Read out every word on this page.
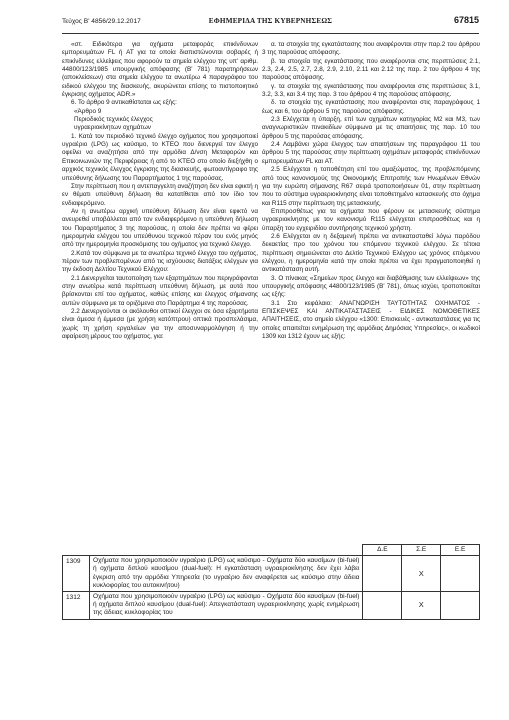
Τεύχος Β' 4856/29.12.2017	ΕΦΗΜΕΡΙΔΑ ΤΗΣ ΚΥΒΕΡΝΗΣΕΩΣ	67815

«στ. Ειδικότερα για οχήματα μεταφοράς επικίνδυνων εμπορευμάτων FL ή AT για τα οποία διαπιστώνονται σοβαρές ή επικίνδυνες ελλείψεις που αφορούν τα σημεία ελέγχου της υπ' αριθμ. 44800/123/1985 υπουργικής απόφασης (Β' 781) παρατηρήσεων (αποκλείσεων) στα σημεία ελέγχου τα ανωτέρω 4 παραγράφου του ειδικού ελέγχου της διασκευής, ακυρώνεται επίσης το πιστοποιητικό έγκρισης οχήματος ADR.»

6. Το άρθρο 9 αντικαθίσταται ως εξής:

«Άρθρο 9

Περιοδικός τεχνικός έλεγχος

υγραεριοκίνητων οχημάτων

1. Κατά τον περιοδικό τεχνικό έλεγχο οχήματος που χρησιμοποιεί υγραέριο (LPG) ως καύσιμο, το ΚΤΕΟ που διενεργεί τον έλεγχο οφείλει να αναζητήσει από την αρμόδια Δ/νση Μεταφορών και Επικοινωνιών της Περιφέρειας ή από το ΚΤΕΟ στο οποίο διεξήχθη ο αρχικός τεχνικός έλεγχος έγκρισης της διασκευής, φωτοαντίγραφο της υπεύθυνης δήλωσης του Παραρτήματος 1 της παρούσας.

Στην περίπτωση που η αντεπαγγελτη αναζήτηση δεν είναι εφικτή η εν θέματι υπεύθυνη δήλωση θα κατατίθεται από τον ίδιο τον ενδιαφερόμενο.

Αν η ανωτέρω αρχική υπεύθυνη δήλωση δεν είναι εφικτό να ανευρεθεί υποβάλλεται από τον ενδιαφερόμενο η υπεύθυνη δήλωση του Παραρτήματος 3 της παρούσας, η οποία δεν πρέπει να φέρει ημερομηνία ελέγχου του υπεύθυνου τεχνικού πέραν του ενός μηνός από την ημερομηνία προσκόμισης του οχήματος για τεχνικό έλεγχο.

2.Κατά τον σύμφωνα με τα ανωτέρω τεχνικό έλεγχο του οχήματος, πέραν των προβλεπομένων από τις ισχύουσες διατάξεις ελέγχων για την έκδοση Δελτίου Τεχνικού Ελέγχου:

2.1 Διενεργείται ταυτοποίηση των εξαρτημάτων που περιγράφονται στην ανωτέρω κατά περίπτωση υπεύθυνη δήλωση, με αυτά που βρίσκονται επί του οχήματος, καθώς επίσης και έλεγχος σήμανσης αυτών σύμφωνα με τα οριζόμενα στο Παράρτημα 4 της παρούσας.

2.2 Διενεργούνται οι ακόλουθοι οπτικοί έλεγχοι σε όσα εξαρτήματα είναι άμεσα ή έμμεσα (με χρήση κατόπτρου) οπτικά προσπελάσιμα, χωρίς τη χρήση εργαλείων για την αποσυναρμολόγηση ή την αφαίρεση μέρους του οχήματος, για:

α. τα στοιχεία της εγκατάστασης που αναφέρονται στην παρ.2 του άρθρου 3 της παρούσας απόφασης.

β. τα στοιχεία της εγκατάστασης που αναφέρονται στις περιπτώσεις 2.1, 2.3, 2.4, 2.5, 2.7, 2.8, 2.9, 2.10, 2.11 και 2.12 της παρ. 2 του άρθρου 4 της παρούσας απόφασης.

γ. τα στοιχεία της εγκατάστασης που αναφέρονται στις περιπτώσεις 3.1, 3.2, 3.3, και 3.4 της παρ. 3 του άρθρου 4 της παρούσας απόφασης.

δ. τα στοιχεία της εγκατάστασης που αναφέρονται στις παραγράφους 1 έως και 6, του άρθρου 5 της παρούσας απόφασης.

2.3 Ελέγχεται η ύπαρξη, επί των οχημάτων κατηγορίας M2 και M3, των αναγνωριστικών πινακιδίων σύμφωνα με τις απαιτήσεις της παρ. 10 του άρθρου 5 της παρούσας απόφασης.

2.4 Λαμβάνει χώρα έλεγχος των απαιτήσεων της παραγράφου 11 του άρθρου 5 της παρούσας στην περίπτωση οχημάτων μεταφοράς επικίνδυνων εμπορευμάτων FL και AT.

2.5 Ελέγχεται η τοποθέτηση επί του αμαξώματος, της προβλεπόμενης από τους κανονισμούς της Οικονομικής Επιτροπής των Ηνωμένων Εθνών για την ευρώπη σήμανσης R67 σειρά τροποποιήσεων 01, στην περίπτωση που το σύστημα υγραεριοκίνησης είναι τοποθετημένο κατασκευής στο όχημα και R115 στην περίπτωση της μετασκευής.

Επιπροσθέτως για τα οχήματα που φέρουν εκ μετασκευής σύστημα υγραεριοκίνησης με τον κανονισμό R115 ελέγχεται επιπροσθέτως και η ύπαρξη του εγχειριδίου συντήρησης τεχνικού χρήστη.

2.6 Ελέγχεται αν η δεξαμενή πρέπει να αντικατασταθεί λόγω παρόδου δεκαετίας προ του χρόνου του επόμενου τεχνικού ελέγχου. Σε τέτοια περίπτωση σημειώνεται στο Δελτίο Τεχνικού Ελέγχου ως χρόνος επόμενου ελέγχου, η ημερομηνία κατά την οποία πρέπει να έχει πραγματοποιηθεί η αντικατάσταση αυτή.

3. Ο πίνακας «Σημείων προς έλεγχο και διαβάθμισης των ελλείψεων» της υπουργικής απόφασης 44800/123/1985 (Β' 781), όπως ισχύει, τροποποιείται ως εξής:

3.1 Στο κεφάλαιο: ΑΝΑΓΝΩΡΙΣΗ ΤΑΥΤΟΤΗΤΑΣ ΟΧΗΜΑΤΟΣ - ΕΠΙΣΚΕΨΕΣ ΚΑΙ ΑΝΤΙΚΑΤΑΣΤΑΣΕΙΣ - ΕΙΔΙΚΕΣ ΝΟΜΟΘΕΤΙΚΕΣ ΑΠΑΙΤΗΣΕΙΣ, στο σημείο ελέγχου «1300: Επισκευές - αντικαταστάσεις για τις οποίες απαιτείται ενημέρωση της αρμόδιας Δημόσιας Υπηρεσίας», οι κωδικοί 1309 και 1312 έχουν ως εξής:

		Δ.Ε	Σ.Ε	Ε.Ε
1309	Οχήματα που χρησιμοποιούν υγραέριο (LPG) ως καύσιμο - Οχήματα δύο καυσίμων (bi-fuel) ή οχήματα διπλού καυσίμου (dual-fuel): Η εγκατάσταση υγραεριοκίνησης δεν έχει λάβει έγκριση από την αρμόδια Υπηρεσία (το υγραέριο δεν αναφέρεται ως καύσιμο στην άδεια κυκλοφορίας του αυτοκινήτου)		X	
1312	Οχήματα που χρησιμοποιούν υγραέριο (LPG) ως καύσιμο - Οχήματα δύο καυσίμων (bi-fuel) ή οχήματα διπλού καυσίμου (dual-fuel): Απεγκατάσταση υγραεριοκίνησης χωρίς ενημέρωση της άδειας κυκλοφορίας του		X	
